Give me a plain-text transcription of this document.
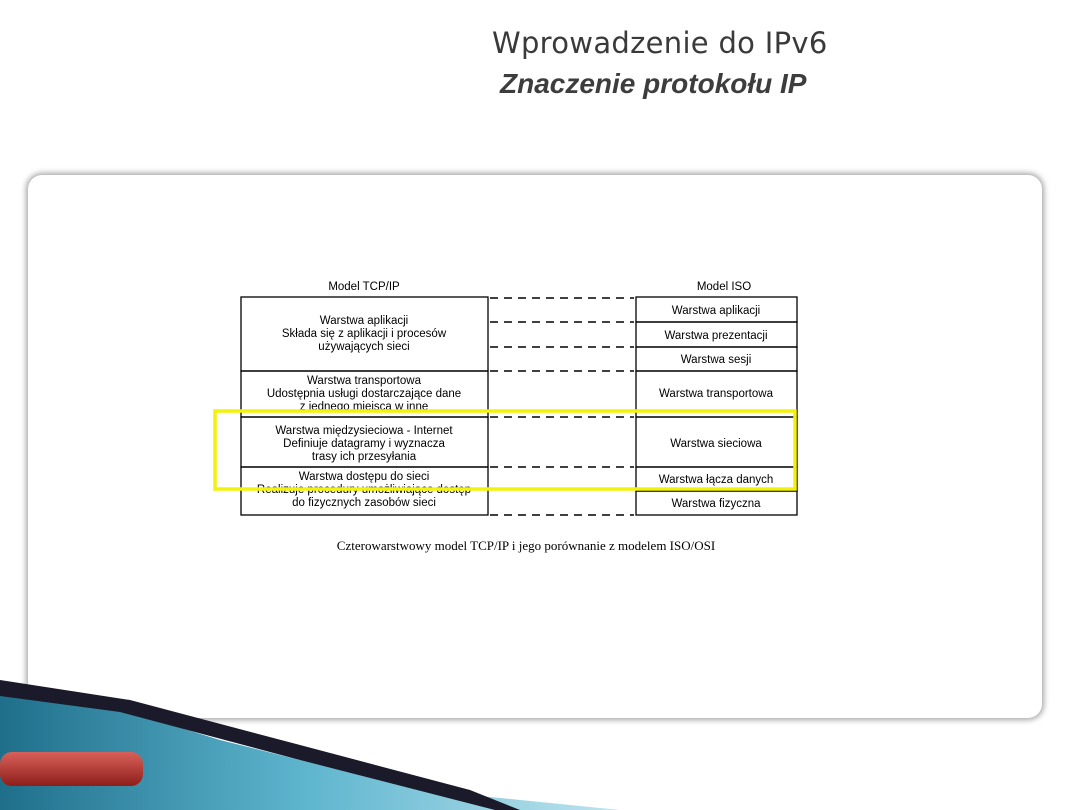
Wprowadzenie do IPv6
Znaczenie protokołu IP
Model TCP/IP	Model ISO
Warstwa aplikacji
Składa się z aplikacji i procesów
używających sieci
Warstwa transportowa
Udostępnia usługi dostarczające dane
z jednego miejsca w inne
Warstwa międzysieciowa - Internet
Definiuje datagramy i wyznacza
trasy ich przesyłania
Warstwa dostępu do sieci
Realizuje procedury umożliwiające dostęp
do fizycznych zasobów sieci
Warstwa aplikacji
Warstwa prezentacji
Warstwa sesji
Warstwa transportowa
Warstwa sieciowa
Warstwa łącza danych
Warstwa fizyczna
Czterowarstwowy model TCP/IP i jego porównanie z modelem ISO/OSI
